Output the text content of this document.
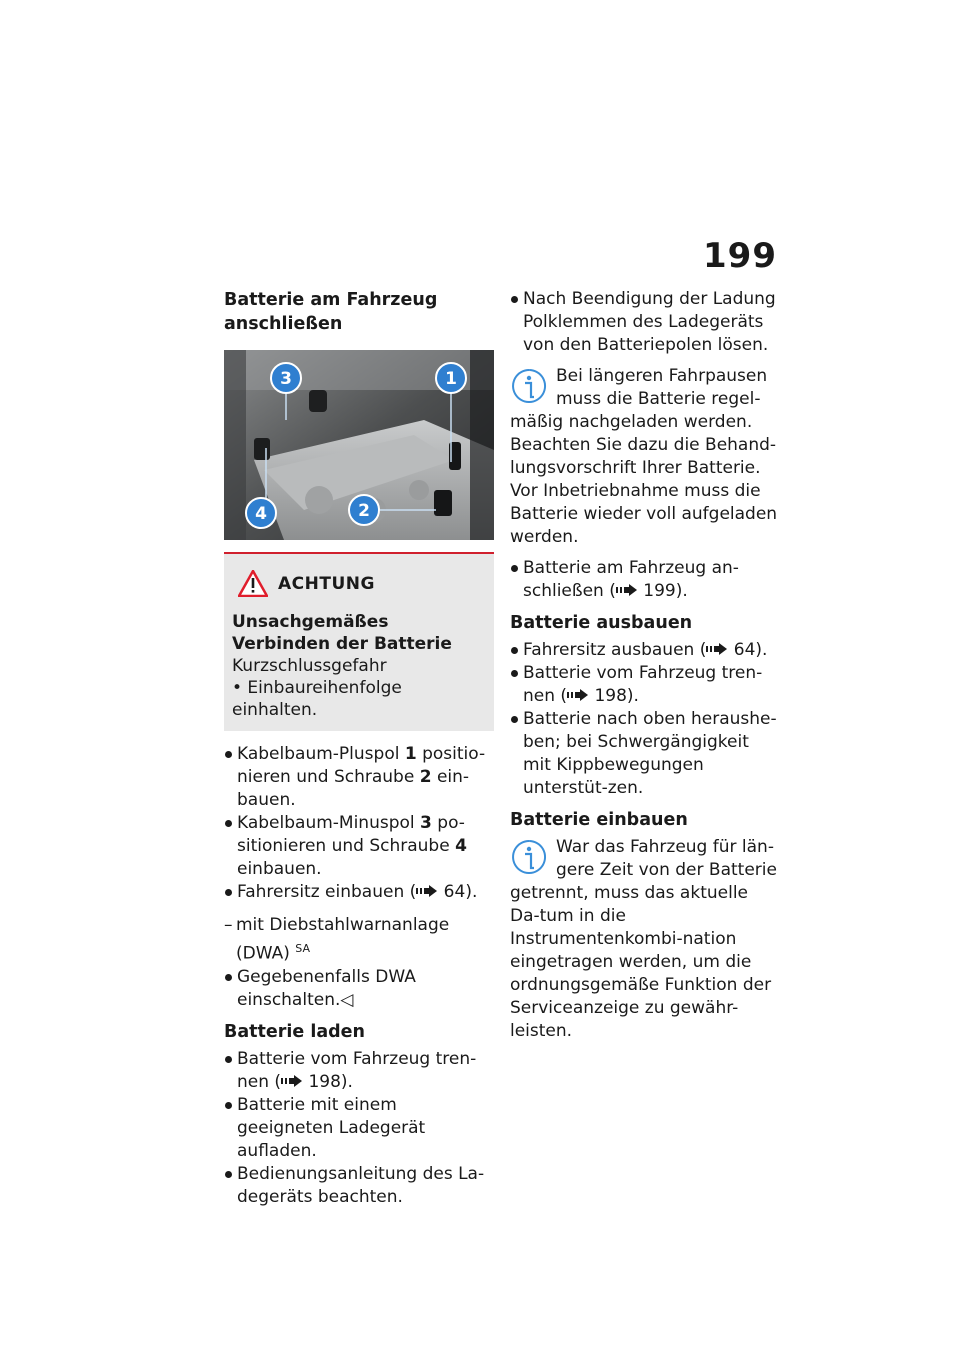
199
Batterie am Fahrzeug anschließen
3	1
4	2
ACHTUNG
Unsachgemäßes Verbinden der Batterie
Kurzschlussgefahr
• Einbaureihenfolge einhalten.
Kabelbaum-Pluspol 1 positio-nieren und Schraube 2 ein-bauen.
Kabelbaum-Minuspol 3 po-sitionieren und Schraube 4 einbauen.
Fahrersitz einbauen ( 64).
– mit Diebstahlwarnanlage (DWA) $^{SA}$
Gegebenenfalls DWA einschalten.◁
Batterie laden
Batterie vom Fahrzeug tren-nen ( 198).
Batterie mit einem geeigneten Ladegerät aufladen.
Bedienungsanleitung des La-degeräts beachten.
Nach Beendigung der Ladung Polklemmen des Ladegeräts von den Batteriepolen lösen.
Bei längeren Fahrpausen muss die Batterie regel-mäßig nachgeladen werden. Beachten Sie dazu die Behand-lungsvorschrift Ihrer Batterie. Vor Inbetriebnahme muss die Batterie wieder voll aufgeladen werden.
Batterie am Fahrzeug an-schließen ( 199).
Batterie ausbauen
Fahrersitz ausbauen ( 64).
Batterie vom Fahrzeug tren-nen ( 198).
Batterie nach oben heraushe-ben; bei Schwergängigkeit mit Kippbewegungen unterstüt-zen.
Batterie einbauen
War das Fahrzeug für län-gere Zeit von der Batterie getrennt, muss das aktuelle Da-tum in die Instrumentenkombi-nation eingetragen werden, um die ordnungsgemäße Funktion der Serviceanzeige zu gewähr-leisten.
